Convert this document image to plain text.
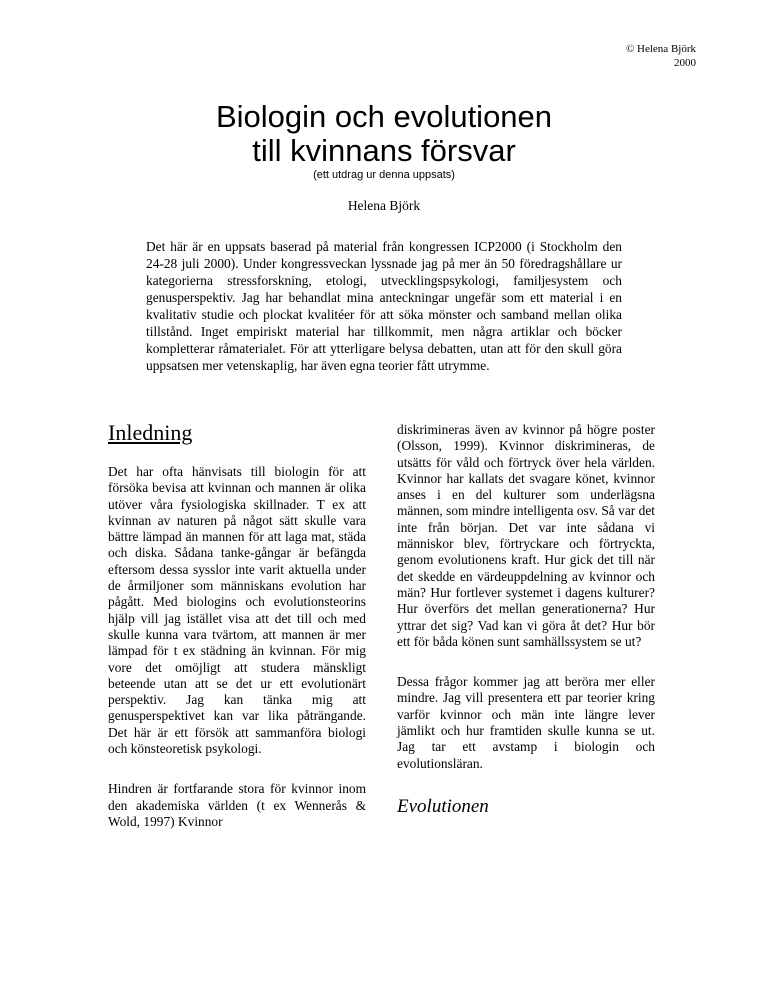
© Helena Björk
2000
Biologin och evolutionen
till kvinnans försvar
(ett utdrag ur denna uppsats)
Helena Björk
Det här är en uppsats baserad på material från kongressen ICP2000 (i Stockholm den 24-28 juli 2000). Under kongressveckan lyssnade jag på mer än 50 föredragshållare ur kategorierna stressforskning, etologi, utvecklingspsykologi, familjesystem och genusperspektiv. Jag har behandlat mina anteckningar ungefär som ett material i en kvalitativ studie och plockat kvalitéer för att söka mönster och samband mellan olika tillstånd. Inget empiriskt material har tillkommit, men några artiklar och böcker kompletterar råmaterialet. För att ytterligare belysa debatten, utan att för den skull göra uppsatsen mer vetenskaplig, har även egna teorier fått utrymme.
Inledning

Det har ofta hänvisats till biologin för att försöka bevisa att kvinnan och mannen är olika utöver våra fysiologiska skillnader. T ex att kvinnan av naturen på något sätt skulle vara bättre lämpad än mannen för att laga mat, städa och diska. Sådana tanke-gångar är befängda eftersom dessa sysslor inte varit aktuella under de årmiljoner som människans evolution har pågått. Med biologins och evolutionsteorins hjälp vill jag istället visa att det till och med skulle kunna vara tvärtom, att mannen är mer lämpad för t ex städning än kvinnan. För mig vore det omöjligt att studera mänskligt beteende utan att se det ur ett evolutionärt perspektiv. Jag kan tänka mig att genusperspektivet kan var lika påträngande. Det här är ett försök att sammanföra biologi och könsteoretisk psykologi.

Hindren är fortfarande stora för kvinnor inom den akademiska världen (t ex Wennerås & Wold, 1997) Kvinnor

diskrimineras även av kvinnor på högre poster (Olsson, 1999). Kvinnor diskrimineras, de utsätts för våld och förtryck över hela världen. Kvinnor har kallats det svagare könet, kvinnor anses i en del kulturer som underlägsna männen, som mindre intelligenta osv. Så var det inte från början. Det var inte sådana vi människor blev, förtryckare och förtryckta, genom evolutionens kraft. Hur gick det till när det skedde en värdeuppdelning av kvinnor och män? Hur fortlever systemet i dagens kulturer? Hur överförs det mellan generationerna? Hur yttrar det sig? Vad kan vi göra åt det? Hur bör ett för båda könen sunt samhällssystem se ut?

Dessa frågor kommer jag att beröra mer eller mindre. Jag vill presentera ett par teorier kring varför kvinnor och män inte längre lever jämlikt och hur framtiden skulle kunna se ut. Jag tar ett avstamp i biologin och evolutionsläran.

Evolutionen
